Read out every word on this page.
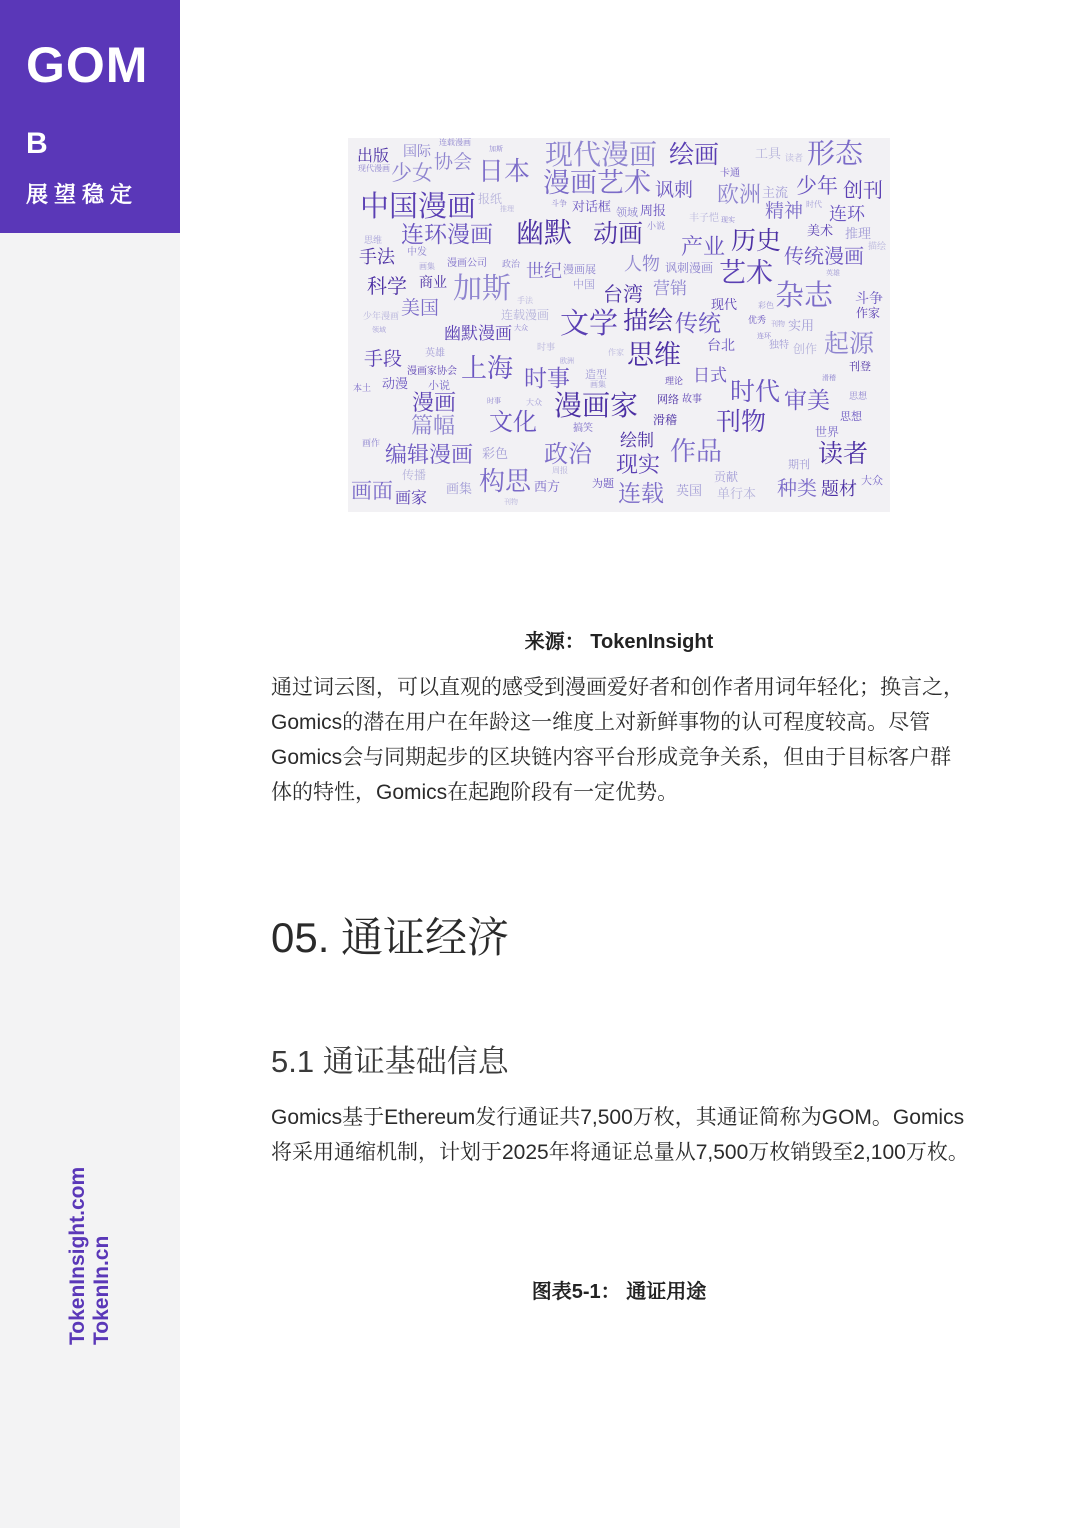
GOM
B
展望稳定
TokenInsight.com TokenIn.cn
连环漫画
编辑漫画
文化
动画
描绘
题材
连环
产业
人物
世纪
营销
漫画艺术
日式
文学
欧洲
种类
加斯
构思
画家
篇幅
中国漫画
作品
协会
绘制
漫画家
少女
手段
现实
传统
杂志
连载
起源
刊物
审美
幽默漫画
科学
精神
少年
漫画
幽默
上海
现代漫画
读者
手法
历史
时代
美国
思维
画面
绘画
出版
讽刺
传统漫画
形态
创刊
时事
政治
日本
艺术
台湾
英国
创作
故事
实用
周报
对话框
为题
工具
思想
优秀
漫画公司
报纸
领域
传播
彩色
期刊
画集
丰子恺
斗争
国际
英雄
世界
本土
独特
商业
美术
网络
滑稽
推理
作家
台北
贡献
刊登
造型
单行本
中发
画作
中国
理论
卡通
少年漫画
现代
动漫
西方
漫画展
搞笑
主流
小说
大众
讽刺漫画
漫画家协会
连载漫画
作家
思维
政治
滑稽
思想
现实
手法
小说
时事
刊物
描绘
英雄
欧洲
斗争
读者
刊物
连环
时事
画集
大众
连载漫画
周报
画集
大众
现代漫画
彩色
推理
加斯
时代
领域
来源： TokenInsight
通过词云图，可以直观的感受到漫画爱好者和创作者用词年轻化；换言之，Gomics的潜在用户在年龄这一维度上对新鲜事物的认可程度较高。尽管Gomics会与同期起步的区块链内容平台形成竞争关系，但由于目标客户群体的特性，Gomics在起跑阶段有一定优势。
05. 通证经济
5.1 通证基础信息
Gomics基于Ethereum发行通证共7,500万枚，其通证简称为GOM。Gomics将采用通缩机制，计划于2025年将通证总量从7,500万枚销毁至2,100万枚。
图表5-1： 通证用途
